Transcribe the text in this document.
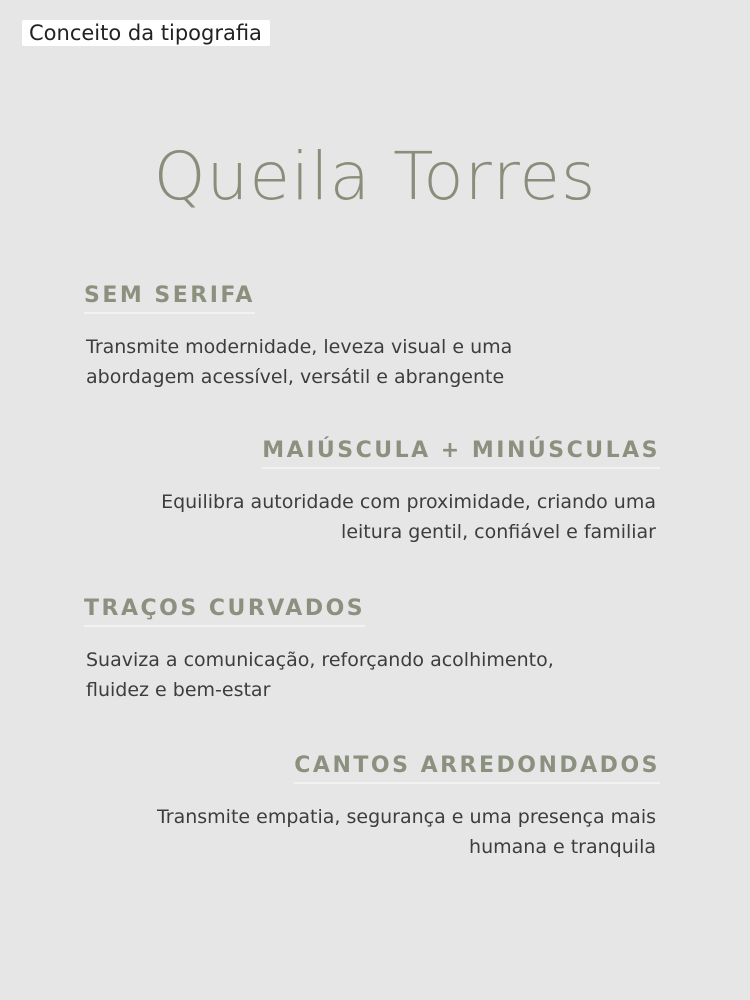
Conceito da tipografia
Queila Torres
SEM SERIFA
Transmite modernidade, leveza visual e uma
abordagem acessível, versátil e abrangente
MAIÚSCULA + MINÚSCULAS
Equilibra autoridade com proximidade, criando uma
leitura gentil, confiável e familiar
TRAÇOS CURVADOS
Suaviza a comunicação, reforçando acolhimento,
fluidez e bem-estar
CANTOS ARREDONDADOS
Transmite empatia, segurança e uma presença mais
humana e tranquila
